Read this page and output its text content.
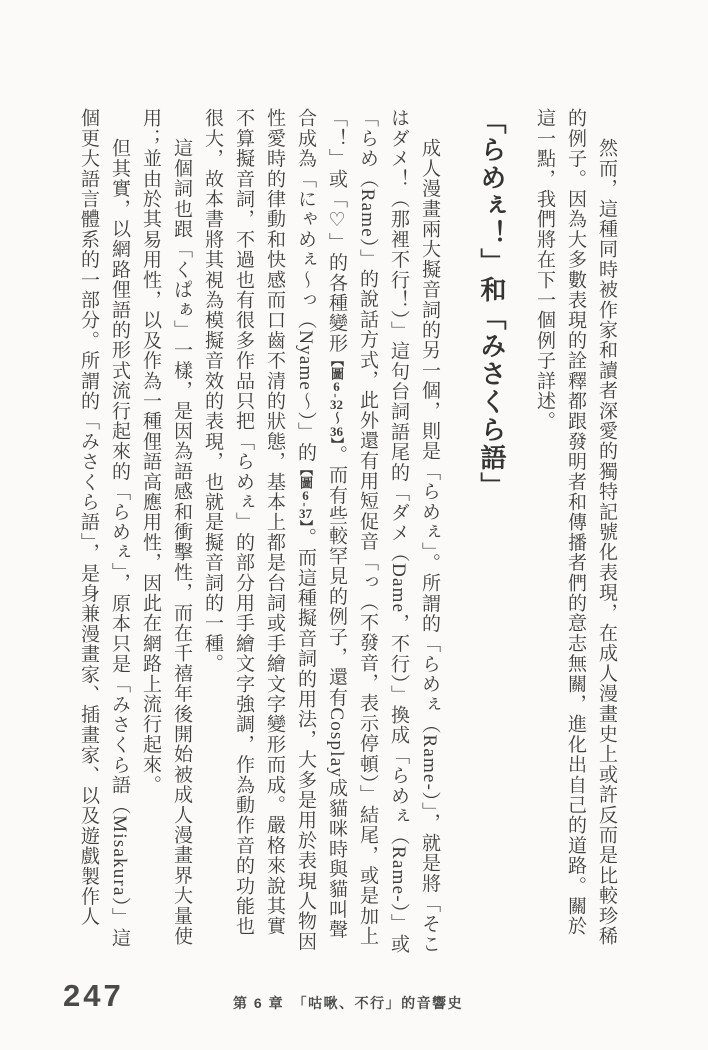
然而，這種同時被作家和讀者深愛的獨特記號化表現，在成人漫畫史上或許反而是比較珍稀的例子。因為大多數表現的詮釋都跟發明者和傳播者們的意志無關，進化出自己的道路。關於這一點，我們將在下一個例子詳述。

「らめぇ！」和「みさくら語」

成人漫畫兩大擬音詞的另一個，則是「らめぇ」。所謂的「らめぇ（Rame-）」，就是將「そこはダメ！（那裡不行！）」這句台詞語尾的「ダメ（Dame，不行）」換成「らめぇ（Rame-）」或「らめ（Rame）」的說話方式，此外還有用短促音「っ（不發音，表示停頓）」結尾，或是加上「！」或「♡」的各種變形【圖6-32～36】。而有些較罕見的例子，還有Cosplay成貓咪時與貓叫聲合成為「にゃめぇ～っ（Nyame～）」的【圖6-37】。而這種擬音詞的用法，大多是用於表現人物因性愛時的律動和快感而口齒不清的狀態，基本上都是台詞或手繪文字變形而成。嚴格來說其實不算擬音詞，不過也有很多作品只把「らめぇ」的部分用手繪文字強調，作為動作音的功能也很大，故本書將其視為模擬音效的表現，也就是擬音詞的一種。

這個詞也跟「くぱぁ」一樣，是因為語感和衝擊性，而在千禧年後開始被成人漫畫界大量使用；並由於其易用性，以及作為一種俚語高應用性，因此在網路上流行起來。

但其實，以網路俚語的形式流行起來的「らめぇ」，原本只是「みさくら語（Misakura）」這個更大語言體系的一部分。所謂的「みさくら語」，是身兼漫畫家、插畫家、以及遊戲製作人

247	第 6 章　「咕啾、不行」的音響史
